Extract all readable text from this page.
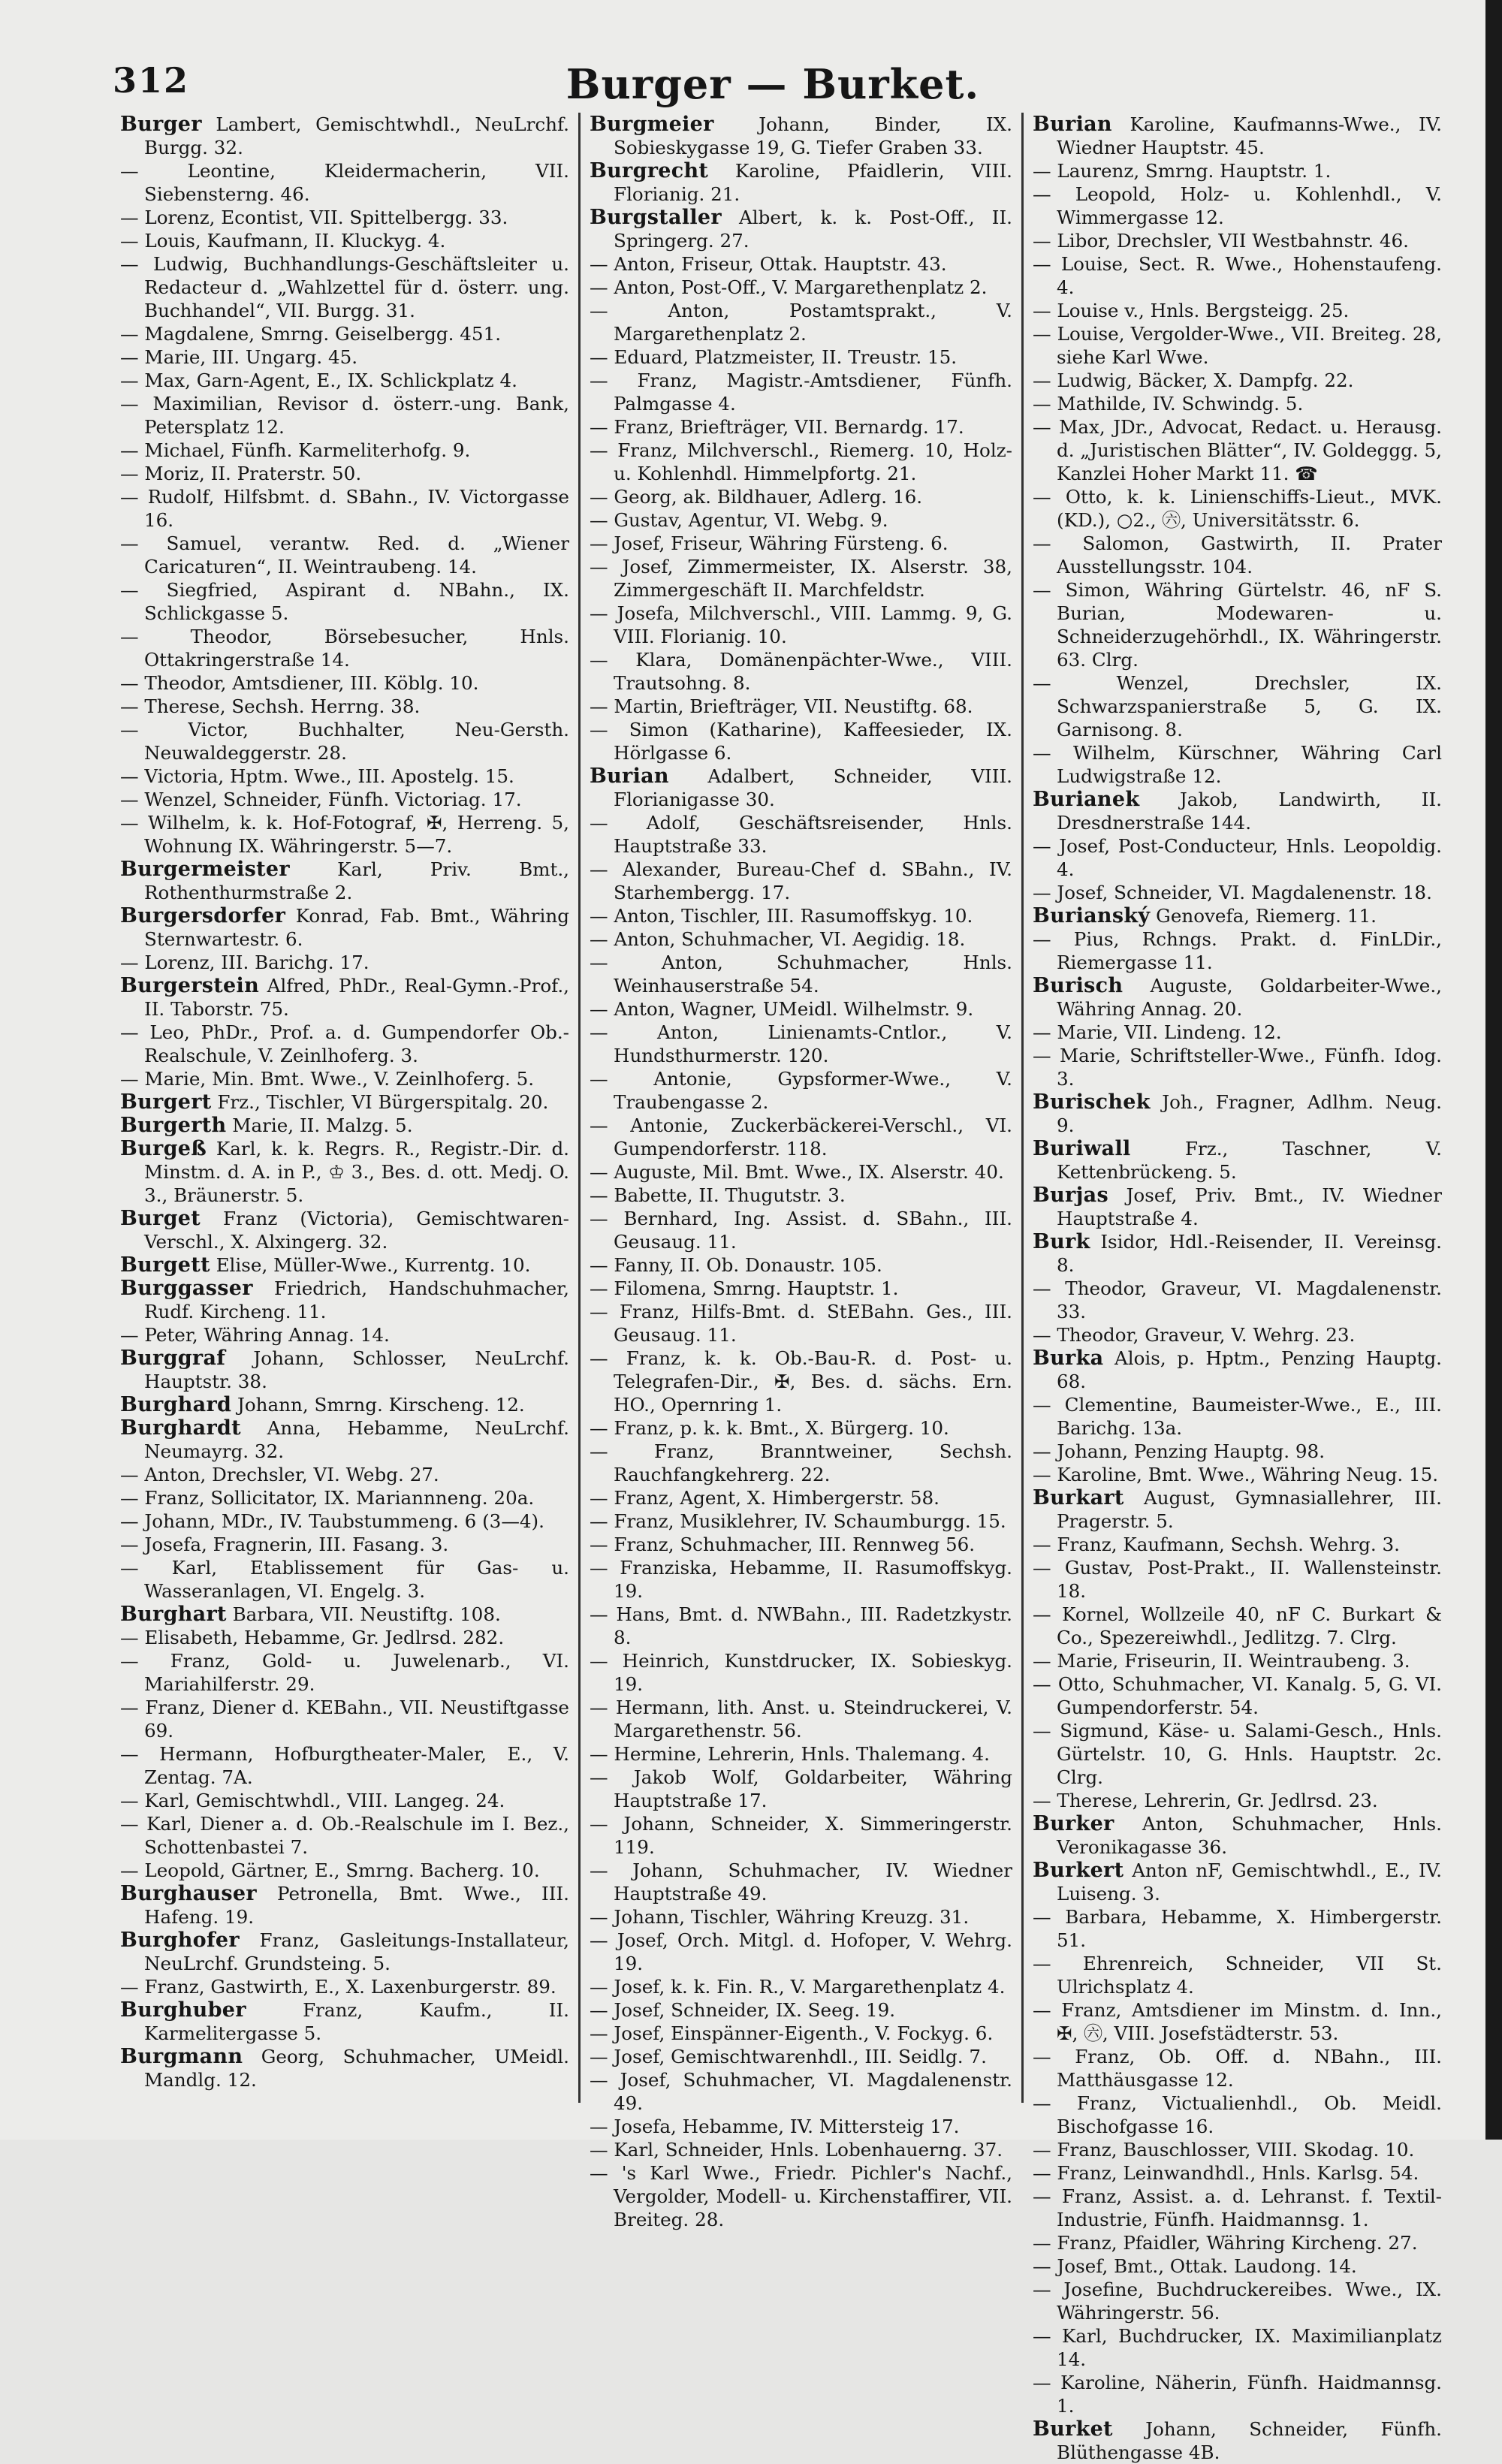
312	Burger — Burket.
Burger Lambert, Gemischtwhdl., NeuLrchf. Burgg. 32.
— Leontine, Kleidermacherin, VII. Siebensterng. 46.
— Lorenz, Econtist, VII. Spittelbergg. 33.
— Louis, Kaufmann, II. Kluckyg. 4.
— Ludwig, Buchhandlungs-Geschäftsleiter u. Redacteur d. „Wahlzettel für d. österr. ung. Buchhandel“, VII. Burgg. 31.
— Magdalene, Smrng. Geiselbergg. 451.
— Marie, III. Ungarg. 45.
— Max, Garn-Agent, E., IX. Schlickplatz 4.
— Maximilian, Revisor d. österr.-ung. Bank, Petersplatz 12.
— Michael, Fünfh. Karmeliterhofg. 9.
— Moriz, II. Praterstr. 50.
— Rudolf, Hilfsbmt. d. SBahn., IV. Victorgasse 16.
— Samuel, verantw. Red. d. „Wiener Caricaturen“, II. Weintraubeng. 14.
— Siegfried, Aspirant d. NBahn., IX. Schlickgasse 5.
— Theodor, Börsebesucher, Hnls. Ottakringerstraße 14.
— Theodor, Amtsdiener, III. Köblg. 10.
— Therese, Sechsh. Herrng. 38.
— Victor, Buchhalter, Neu-Gersth. Neuwaldeggerstr. 28.
— Victoria, Hptm. Wwe., III. Apostelg. 15.
— Wenzel, Schneider, Fünfh. Victoriag. 17.
— Wilhelm, k. k. Hof-Fotograf, ✠, Herreng. 5, Wohnung IX. Währingerstr. 5—7.
Burgermeister Karl, Priv. Bmt., Rothenthurmstraße 2.
Burgersdorfer Konrad, Fab. Bmt., Währing Sternwartestr. 6.
— Lorenz, III. Barichg. 17.
Burgerstein Alfred, PhDr., Real-Gymn.-Prof., II. Taborstr. 75.
— Leo, PhDr., Prof. a. d. Gumpendorfer Ob.-Realschule, V. Zeinlhoferg. 3.
— Marie, Min. Bmt. Wwe., V. Zeinlhoferg. 5.
Burgert Frz., Tischler, VI Bürgerspitalg. 20.
Burgerth Marie, II. Malzg. 5.
Burgeß Karl, k. k. Regrs. R., Registr.-Dir. d. Minstm. d. A. in P., ♔ 3., Bes. d. ott. Medj. O. 3., Bräunerstr. 5.
Burget Franz (Victoria), Gemischtwaren-Verschl., X. Alxingerg. 32.
Burgett Elise, Müller-Wwe., Kurrentg. 10.
Burggasser Friedrich, Handschuhmacher, Rudf. Kircheng. 11.
— Peter, Währing Annag. 14.
Burggraf Johann, Schlosser, NeuLrchf. Hauptstr. 38.
Burghard Johann, Smrng. Kirscheng. 12.
Burghardt Anna, Hebamme, NeuLrchf. Neumayrg. 32.
— Anton, Drechsler, VI. Webg. 27.
— Franz, Sollicitator, IX. Mariannneng. 20a.
— Johann, MDr., IV. Taubstummeng. 6 (3—4).
— Josefa, Fragnerin, III. Fasang. 3.
— Karl, Etablissement für Gas- u. Wasseranlagen, VI. Engelg. 3.
Burghart Barbara, VII. Neustiftg. 108.
— Elisabeth, Hebamme, Gr. Jedlrsd. 282.
— Franz, Gold- u. Juwelenarb., VI. Mariahilferstr. 29.
— Franz, Diener d. KEBahn., VII. Neustiftgasse 69.
— Hermann, Hofburgtheater-Maler, E., V. Zentag. 7A.
— Karl, Gemischtwhdl., VIII. Langeg. 24.
— Karl, Diener a. d. Ob.-Realschule im I. Bez., Schottenbastei 7.
— Leopold, Gärtner, E., Smrng. Bacherg. 10.
Burghauser Petronella, Bmt. Wwe., III. Hafeng. 19.
Burghofer Franz, Gasleitungs-Installateur, NeuLrchf. Grundsteing. 5.
— Franz, Gastwirth, E., X. Laxenburgerstr. 89.
Burghuber Franz, Kaufm., II. Karmelitergasse 5.
Burgmann Georg, Schuhmacher, UMeidl. Mandlg. 12.
Burgmeier Johann, Binder, IX. Sobieskygasse 19, G. Tiefer Graben 33.
Burgrecht Karoline, Pfaidlerin, VIII. Florianig. 21.
Burgstaller Albert, k. k. Post-Off., II. Springerg. 27.
— Anton, Friseur, Ottak. Hauptstr. 43.
— Anton, Post-Off., V. Margarethenplatz 2.
— Anton, Postamtsprakt., V. Margarethenplatz 2.
— Eduard, Platzmeister, II. Treustr. 15.
— Franz, Magistr.-Amtsdiener, Fünfh. Palmgasse 4.
— Franz, Briefträger, VII. Bernardg. 17.
— Franz, Milchverschl., Riemerg. 10, Holz- u. Kohlenhdl. Himmelpfortg. 21.
— Georg, ak. Bildhauer, Adlerg. 16.
— Gustav, Agentur, VI. Webg. 9.
— Josef, Friseur, Währing Fürsteng. 6.
— Josef, Zimmermeister, IX. Alserstr. 38, Zimmergeschäft II. Marchfeldstr.
— Josefa, Milchverschl., VIII. Lammg. 9, G. VIII. Florianig. 10.
— Klara, Domänenpächter-Wwe., VIII. Trautsohng. 8.
— Martin, Briefträger, VII. Neustiftg. 68.
— Simon (Katharine), Kaffeesieder, IX. Hörlgasse 6.
Burian Adalbert, Schneider, VIII. Florianigasse 30.
— Adolf, Geschäftsreisender, Hnls. Hauptstraße 33.
— Alexander, Bureau-Chef d. SBahn., IV. Starhembergg. 17.
— Anton, Tischler, III. Rasumoffskyg. 10.
— Anton, Schuhmacher, VI. Aegidig. 18.
— Anton, Schuhmacher, Hnls. Weinhauserstraße 54.
— Anton, Wagner, UMeidl. Wilhelmstr. 9.
— Anton, Linienamts-Cntlor., V. Hundsthurmerstr. 120.
— Antonie, Gypsformer-Wwe., V. Traubengasse 2.
— Antonie, Zuckerbäckerei-Verschl., VI. Gumpendorferstr. 118.
— Auguste, Mil. Bmt. Wwe., IX. Alserstr. 40.
— Babette, II. Thugutstr. 3.
— Bernhard, Ing. Assist. d. SBahn., III. Geusaug. 11.
— Fanny, II. Ob. Donaustr. 105.
— Filomena, Smrng. Hauptstr. 1.
— Franz, Hilfs-Bmt. d. StEBahn. Ges., III. Geusaug. 11.
— Franz, k. k. Ob.-Bau-R. d. Post- u. Telegrafen-Dir., ✠, Bes. d. sächs. Ern. HO., Opernring 1.
— Franz, p. k. k. Bmt., X. Bürgerg. 10.
— Franz, Branntweiner, Sechsh. Rauchfangkehrerg. 22.
— Franz, Agent, X. Himbergerstr. 58.
— Franz, Musiklehrer, IV. Schaumburgg. 15.
— Franz, Schuhmacher, III. Rennweg 56.
— Franziska, Hebamme, II. Rasumoffskyg. 19.
— Hans, Bmt. d. NWBahn., III. Radetzkystr. 8.
— Heinrich, Kunstdrucker, IX. Sobieskyg. 19.
— Hermann, lith. Anst. u. Steindruckerei, V. Margarethenstr. 56.
— Hermine, Lehrerin, Hnls. Thalemang. 4.
— Jakob Wolf, Goldarbeiter, Währing Hauptstraße 17.
— Johann, Schneider, X. Simmeringerstr. 119.
— Johann, Schuhmacher, IV. Wiedner Hauptstraße 49.
— Johann, Tischler, Währing Kreuzg. 31.
— Josef, Orch. Mitgl. d. Hofoper, V. Wehrg. 19.
— Josef, k. k. Fin. R., V. Margarethenplatz 4.
— Josef, Schneider, IX. Seeg. 19.
— Josef, Einspänner-Eigenth., V. Fockyg. 6.
— Josef, Gemischtwarenhdl., III. Seidlg. 7.
— Josef, Schuhmacher, VI. Magdalenenstr. 49.
— Josefa, Hebamme, IV. Mittersteig 17.
— Karl, Schneider, Hnls. Lobenhauerng. 37.
— 's Karl Wwe., Friedr. Pichler's Nachf., Vergolder, Modell- u. Kirchenstaffirer, VII. Breiteg. 28.
Burian Karoline, Kaufmanns-Wwe., IV. Wiedner Hauptstr. 45.
— Laurenz, Smrng. Hauptstr. 1.
— Leopold, Holz- u. Kohlenhdl., V. Wimmergasse 12.
— Libor, Drechsler, VII Westbahnstr. 46.
— Louise, Sect. R. Wwe., Hohenstaufeng. 4.
— Louise v., Hnls. Bergsteigg. 25.
— Louise, Vergolder-Wwe., VII. Breiteg. 28, siehe Karl Wwe.
— Ludwig, Bäcker, X. Dampfg. 22.
— Mathilde, IV. Schwindg. 5.
— Max, JDr., Advocat, Redact. u. Herausg. d. „Juristischen Blätter“, IV. Goldeggg. 5, Kanzlei Hoher Markt 11. ☎
— Otto, k. k. Linienschiffs-Lieut., MVK. (KD.), ○2., ㊅, Universitätsstr. 6.
— Salomon, Gastwirth, II. Prater Ausstellungsstr. 104.
— Simon, Währing Gürtelstr. 46, nF S. Burian, Modewaren- u. Schneiderzugehörhdl., IX. Währingerstr. 63. Clrg.
— Wenzel, Drechsler, IX. Schwarzspanierstraße 5, G. IX. Garnisong. 8.
— Wilhelm, Kürschner, Währing Carl Ludwigstraße 12.
Burianek Jakob, Landwirth, II. Dresdnerstraße 144.
— Josef, Post-Conducteur, Hnls. Leopoldig. 4.
— Josef, Schneider, VI. Magdalenenstr. 18.
Burianský Genovefa, Riemerg. 11.
— Pius, Rchngs. Prakt. d. FinLDir., Riemergasse 11.
Burisch Auguste, Goldarbeiter-Wwe., Währing Annag. 20.
— Marie, VII. Lindeng. 12.
— Marie, Schriftsteller-Wwe., Fünfh. Idog. 3.
Burischek Joh., Fragner, Adlhm. Neug. 9.
Buriwall Frz., Taschner, V. Kettenbrückeng. 5.
Burjas Josef, Priv. Bmt., IV. Wiedner Hauptstraße 4.
Burk Isidor, Hdl.-Reisender, II. Vereinsg. 8.
— Theodor, Graveur, VI. Magdalenenstr. 33.
— Theodor, Graveur, V. Wehrg. 23.
Burka Alois, p. Hptm., Penzing Hauptg. 68.
— Clementine, Baumeister-Wwe., E., III. Barichg. 13a.
— Johann, Penzing Hauptg. 98.
— Karoline, Bmt. Wwe., Währing Neug. 15.
Burkart August, Gymnasiallehrer, III. Pragerstr. 5.
— Franz, Kaufmann, Sechsh. Wehrg. 3.
— Gustav, Post-Prakt., II. Wallensteinstr. 18.
— Kornel, Wollzeile 40, nF C. Burkart & Co., Spezereiwhdl., Jedlitzg. 7. Clrg.
— Marie, Friseurin, II. Weintraubeng. 3.
— Otto, Schuhmacher, VI. Kanalg. 5, G. VI. Gumpendorferstr. 54.
— Sigmund, Käse- u. Salami-Gesch., Hnls. Gürtelstr. 10, G. Hnls. Hauptstr. 2c. Clrg.
— Therese, Lehrerin, Gr. Jedlrsd. 23.
Burker Anton, Schuhmacher, Hnls. Veronikagasse 36.
Burkert Anton nF, Gemischtwhdl., E., IV. Luiseng. 3.
— Barbara, Hebamme, X. Himbergerstr. 51.
— Ehrenreich, Schneider, VII St. Ulrichsplatz 4.
— Franz, Amtsdiener im Minstm. d. Inn., ✠, ㊅, VIII. Josefstädterstr. 53.
— Franz, Ob. Off. d. NBahn., III. Matthäusgasse 12.
— Franz, Victualienhdl., Ob. Meidl. Bischofgasse 16.
— Franz, Bauschlosser, VIII. Skodag. 10.
— Franz, Leinwandhdl., Hnls. Karlsg. 54.
— Franz, Assist. a. d. Lehranst. f. Textil-Industrie, Fünfh. Haidmannsg. 1.
— Franz, Pfaidler, Währing Kircheng. 27.
— Josef, Bmt., Ottak. Laudong. 14.
— Josefine, Buchdruckereibes. Wwe., IX. Währingerstr. 56.
— Karl, Buchdrucker, IX. Maximilianplatz 14.
— Karoline, Näherin, Fünfh. Haidmannsg. 1.
Burket Johann, Schneider, Fünfh. Blüthengasse 4B.
